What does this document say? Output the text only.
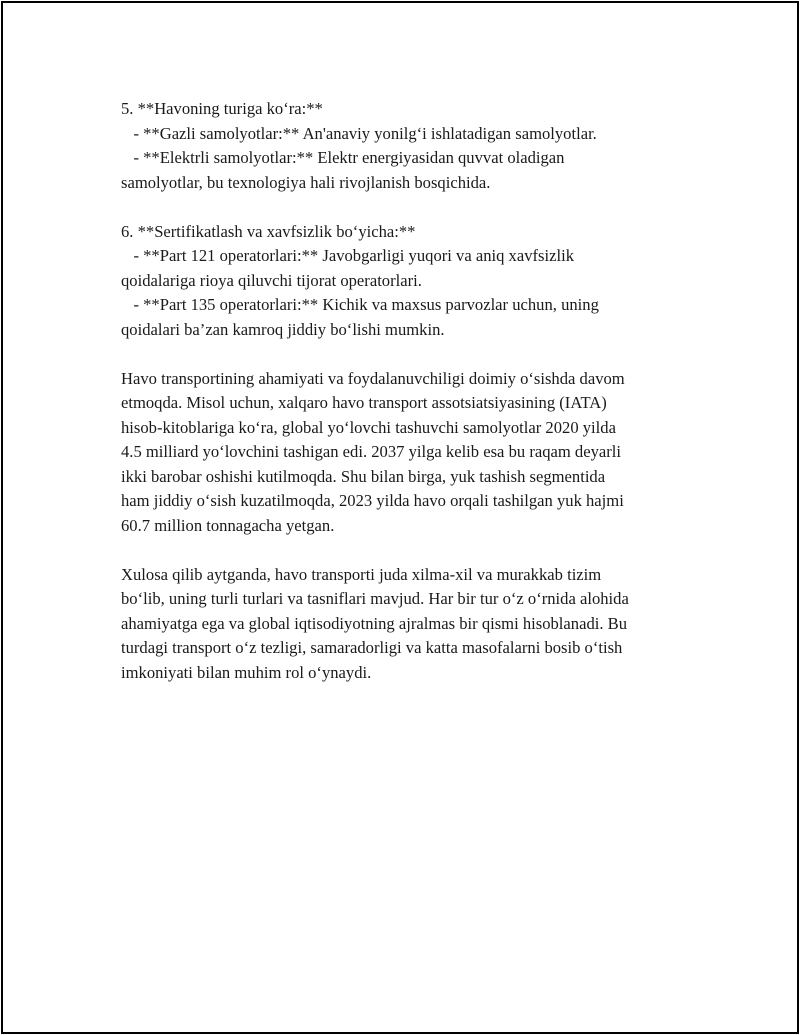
5. **Havoning turiga ko‘ra:**
- **Gazli samolyotlar:** An'anaviy yonilg‘i ishlatadigan samolyotlar.
- **Elektrli samolyotlar:** Elektr energiyasidan quvvat oladigan
samolyotlar, bu texnologiya hali rivojlanish bosqichida.
6. **Sertifikatlash va xavfsizlik bo‘yicha:**
- **Part 121 operatorlari:** Javobgarligi yuqori va aniq xavfsizlik
qoidalariga rioya qiluvchi tijorat operatorlari.
- **Part 135 operatorlari:** Kichik va maxsus parvozlar uchun, uning
qoidalari ba’zan kamroq jiddiy bo‘lishi mumkin.
Havo transportining ahamiyati va foydalanuvchiligi doimiy o‘sishda davom
etmoqda. Misol uchun, xalqaro havo transport assotsiatsiyasining (IATA)
hisob-kitoblariga ko‘ra, global yo‘lovchi tashuvchi samolyotlar 2020 yilda
4.5 milliard yo‘lovchini tashigan edi. 2037 yilga kelib esa bu raqam deyarli
ikki barobar oshishi kutilmoqda. Shu bilan birga, yuk tashish segmentida
ham jiddiy o‘sish kuzatilmoqda, 2023 yilda havo orqali tashilgan yuk hajmi
60.7 million tonnagacha yetgan.
Xulosa qilib aytganda, havo transporti juda xilma-xil va murakkab tizim
bo‘lib, uning turli turlari va tasniflari mavjud. Har bir tur o‘z o‘rnida alohida
ahamiyatga ega va global iqtisodiyotning ajralmas bir qismi hisoblanadi. Bu
turdagi transport o‘z tezligi, samaradorligi va katta masofalarni bosib o‘tish
imkoniyati bilan muhim rol o‘ynaydi.
